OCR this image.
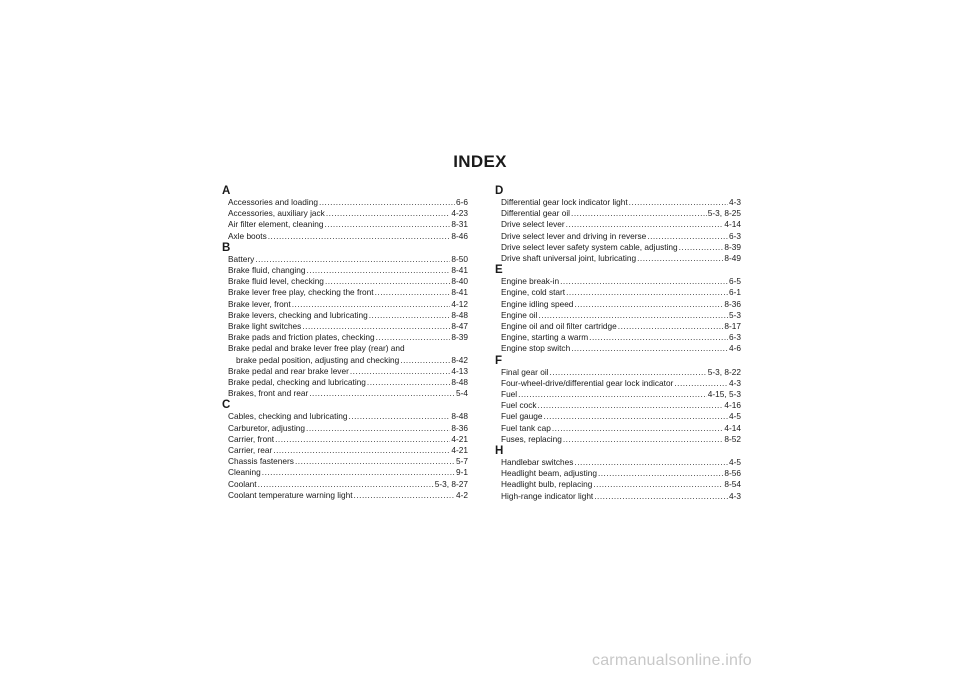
INDEX
A
Accessories and loading .....	6-6
Accessories, auxiliary jack .....	4-23
Air filter element, cleaning .....	8-31
Axle boots .....	8-46
B
Battery .....	8-50
Brake fluid, changing .....	8-41
Brake fluid level, checking .....	8-40
Brake lever free play, checking the front .....	8-41
Brake lever, front .....	4-12
Brake levers, checking and lubricating .....	8-48
Brake light switches .....	8-47
Brake pads and friction plates, checking .....	8-39
Brake pedal and brake lever free play (rear) and
brake pedal position, adjusting and checking .....	8-42
Brake pedal and rear brake lever .....	4-13
Brake pedal, checking and lubricating .....	8-48
Brakes, front and rear .....	5-4
C
Cables, checking and lubricating .....	8-48
Carburetor, adjusting .....	8-36
Carrier, front .....	4-21
Carrier, rear .....	4-21
Chassis fasteners .....	5-7
Cleaning .....	9-1
Coolant .....	5-3, 8-27
Coolant temperature warning light .....	4-2
D
Differential gear lock indicator light .....	4-3
Differential gear oil .....	5-3, 8-25
Drive select lever .....	4-14
Drive select lever and driving in reverse .....	6-3
Drive select lever safety system cable, adjusting .....	8-39
Drive shaft universal joint, lubricating .....	8-49
E
Engine break-in .....	6-5
Engine, cold start .....	6-1
Engine idling speed .....	8-36
Engine oil .....	5-3
Engine oil and oil filter cartridge .....	8-17
Engine, starting a warm .....	6-3
Engine stop switch .....	4-6
F
Final gear oil .....	5-3, 8-22
Four-wheel-drive/differential gear lock indicator .....	4-3
Fuel .....	4-15, 5-3
Fuel cock .....	4-16
Fuel gauge .....	4-5
Fuel tank cap .....	4-14
Fuses, replacing .....	8-52
H
Handlebar switches .....	4-5
Headlight beam, adjusting .....	8-56
Headlight bulb, replacing .....	8-54
High-range indicator light .....	4-3
carmanualsonline.info
